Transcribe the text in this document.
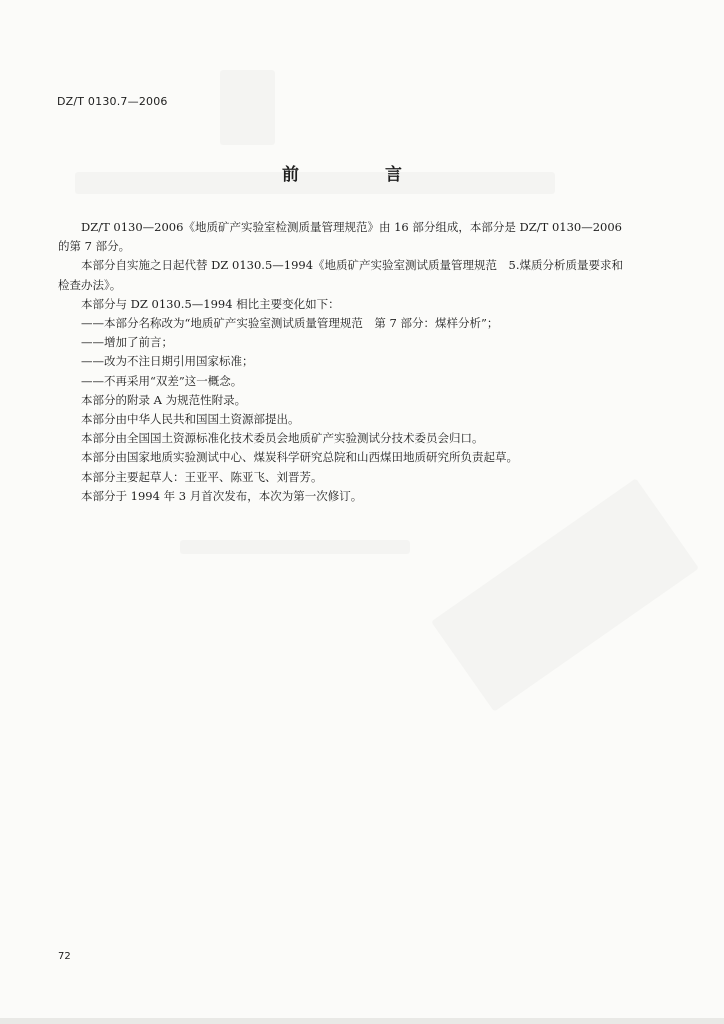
DZ/T 0130.7—2006
前 言

DZ/T 0130—2006《地质矿产实验室检测质量管理规范》由 16 部分组成，本部分是 DZ/T 0130—2006 的第 7 部分。

本部分自实施之日起代替 DZ 0130.5—1994《地质矿产实验室测试质量管理规范　5.煤质分析质量要求和检查办法》。

本部分与 DZ 0130.5—1994 相比主要变化如下：

——本部分名称改为“地质矿产实验室测试质量管理规范　第 7 部分：煤样分析”；

——增加了前言；

——改为不注日期引用国家标准；

——不再采用“双差”这一概念。

本部分的附录 A 为规范性附录。

本部分由中华人民共和国国土资源部提出。

本部分由全国国土资源标准化技术委员会地质矿产实验测试分技术委员会归口。

本部分由国家地质实验测试中心、煤炭科学研究总院和山西煤田地质研究所负责起草。

本部分主要起草人：王亚平、陈亚飞、刘晋芳。

本部分于 1994 年 3 月首次发布，本次为第一次修订。

72
